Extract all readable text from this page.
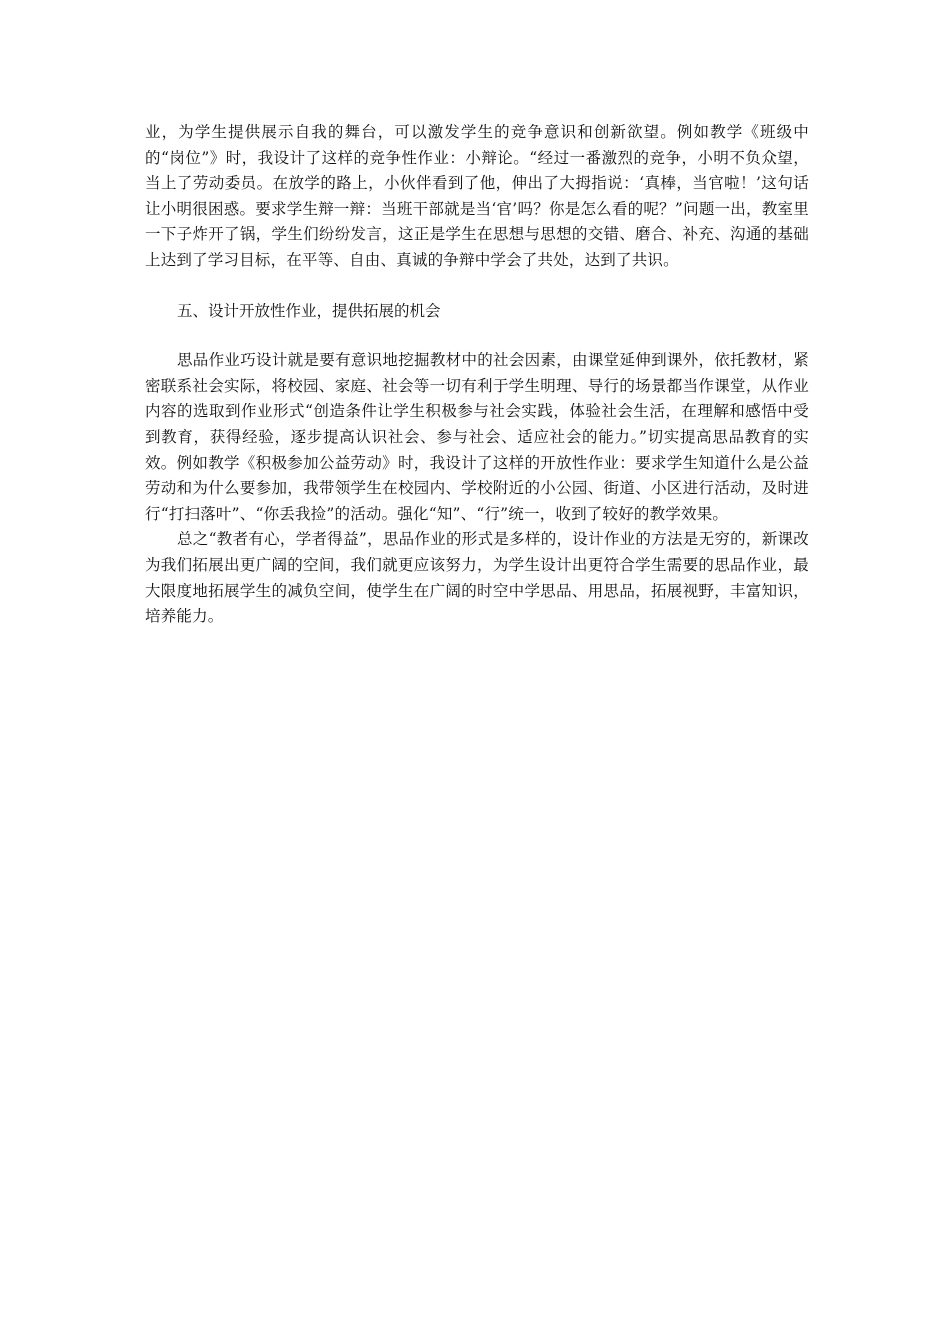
业，为学生提供展示自我的舞台，可以激发学生的竞争意识和创新欲望。例如教学《班级中的“岗位”》时，我设计了这样的竞争性作业：小辩论。“经过一番激烈的竞争，小明不负众望，当上了劳动委员。在放学的路上，小伙伴看到了他，伸出了大拇指说：‘真棒，当官啦！’这句话让小明很困惑。要求学生辩一辩：当班干部就是当‘官’吗？你是怎么看的呢？”问题一出，教室里一下子炸开了锅，学生们纷纷发言，这正是学生在思想与思想的交错、磨合、补充、沟通的基础上达到了学习目标，在平等、自由、真诚的争辩中学会了共处，达到了共识。

五、设计开放性作业，提供拓展的机会

思品作业巧设计就是要有意识地挖掘教材中的社会因素，由课堂延伸到课外，依托教材，紧密联系社会实际，将校园、家庭、社会等一切有利于学生明理、导行的场景都当作课堂，从作业内容的选取到作业形式“创造条件让学生积极参与社会实践，体验社会生活，在理解和感悟中受到教育，获得经验，逐步提高认识社会、参与社会、适应社会的能力。”切实提高思品教育的实效。例如教学《积极参加公益劳动》时，我设计了这样的开放性作业：要求学生知道什么是公益劳动和为什么要参加，我带领学生在校园内、学校附近的小公园、街道、小区进行活动，及时进行“打扫落叶”、“你丢我捡”的活动。强化“知”、“行”统一，收到了较好的教学效果。

总之“教者有心，学者得益”，思品作业的形式是多样的，设计作业的方法是无穷的，新课改为我们拓展出更广阔的空间，我们就更应该努力，为学生设计出更符合学生需要的思品作业，最大限度地拓展学生的减负空间，使学生在广阔的时空中学思品、用思品，拓展视野，丰富知识，培养能力。
